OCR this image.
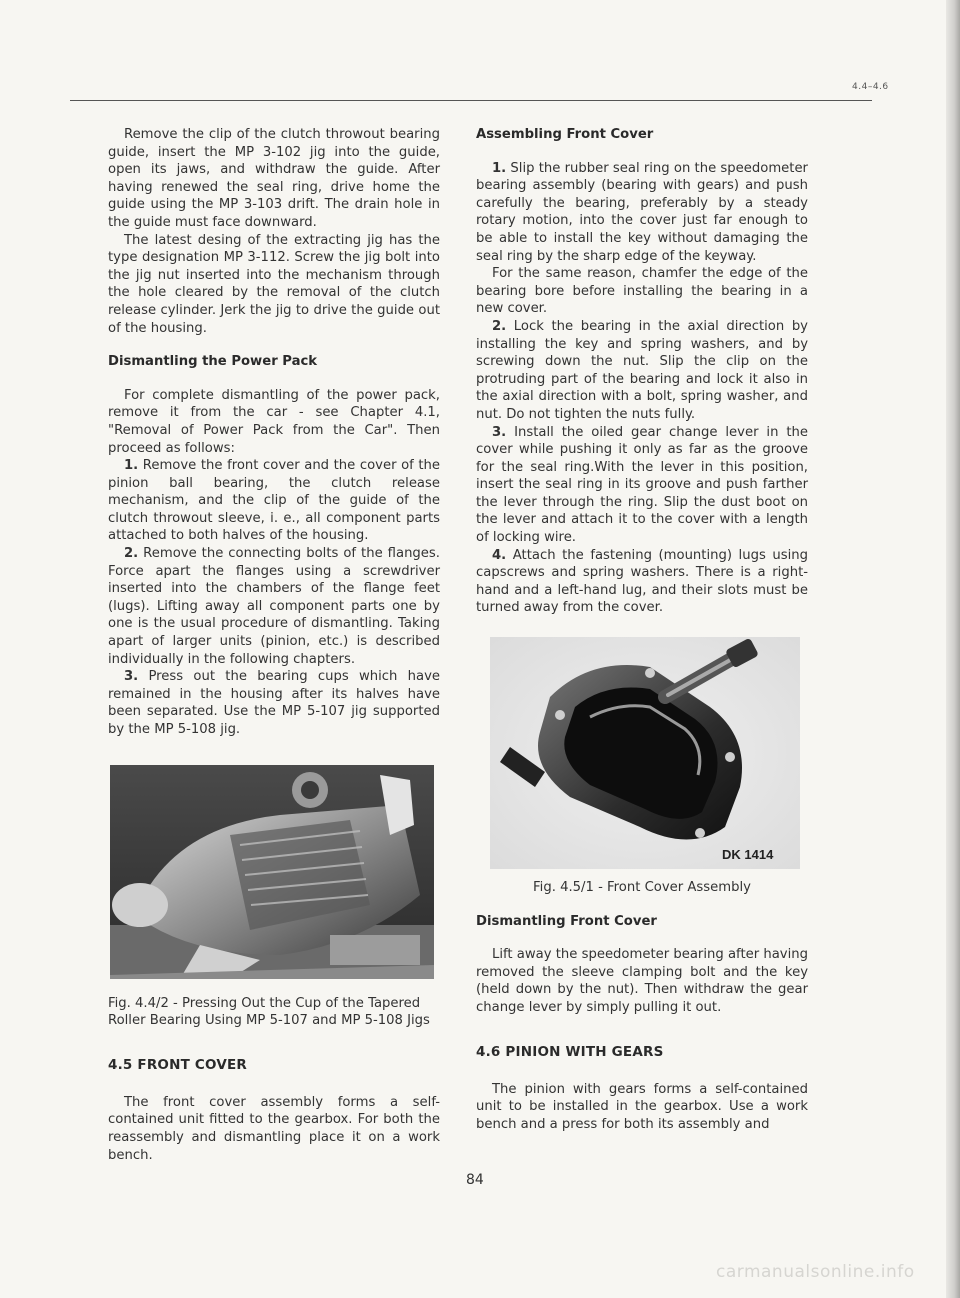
4.4–4.6

Remove the clip of the clutch throwout bearing guide, insert the MP 3-102 jig into the guide, open its jaws, and withdraw the guide. After having renewed the seal ring, drive home the guide using the MP 3-103 drift. The drain hole in the guide must face downward.

The latest desing of the extracting jig has the type designation MP 3-112. Screw the jig bolt into the jig nut inserted into the mechanism through the hole cleared by the removal of the clutch release cylinder. Jerk the jig to drive the guide out of the housing.

Dismantling the Power Pack

For complete dismantling of the power pack, remove it from the car - see Chapter 4.1, "Removal of Power Pack from the Car". Then proceed as follows:

1. Remove the front cover and the cover of the pinion ball bearing, the clutch release mechanism, and the clip of the guide of the clutch throwout sleeve, i. e., all component parts attached to both halves of the housing.

2. Remove the connecting bolts of the flanges. Force apart the flanges using a screwdriver inserted into the chambers of the flange feet (lugs). Lifting away all component parts one by one is the usual procedure of dismantling. Taking apart of larger units (pinion, etc.) is described individually in the following chapters.

3. Press out the bearing cups which have remained in the housing after its halves have been separated. Use the MP 5-107 jig supported by the MP 5-108 jig.

Fig. 4.4/2 - Pressing Out the Cup of the Tapered Roller Bearing Using MP 5-107 and MP 5-108 Jigs
4.5 FRONT COVER

The front cover assembly forms a self-contained unit fitted to the gearbox. For both the reassembly and dismantling place it on a work bench.

Assembling Front Cover

1. Slip the rubber seal ring on the speedometer bearing assembly (bearing with gears) and push carefully the bearing, preferably by a steady rotary motion, into the cover just far enough to be able to install the key without damaging the seal ring by the sharp edge of the keyway.

For the same reason, chamfer the edge of the bearing bore before installing the bearing in a new cover.

2. Lock the bearing in the axial direction by installing the key and spring washers, and by screwing down the nut. Slip the clip on the protruding part of the bearing and lock it also in the axial direction with a bolt, spring washer, and nut. Do not tighten the nuts fully.

3. Install the oiled gear change lever in the cover while pushing it only as far as the groove for the seal ring.With the lever in this position, insert the seal ring in its groove and push farther the lever through the ring. Slip the dust boot on the lever and attach it to the cover with a length of locking wire.

4. Attach the fastening (mounting) lugs using capscrews and spring washers. There is a right-hand and a left-hand lug, and their slots must be turned away from the cover.

DK 1414
Fig. 4.5/1 - Front Cover Assembly
Dismantling Front Cover

Lift away the speedometer bearing after having removed the sleeve clamping bolt and the key (held down by the nut). Then withdraw the gear change lever by simply pulling it out.

4.6 PINION WITH GEARS

The pinion with gears forms a self-contained unit to be installed in the gearbox. Use a work bench and a press for both its assembly and

84
carmanualsonline.info
